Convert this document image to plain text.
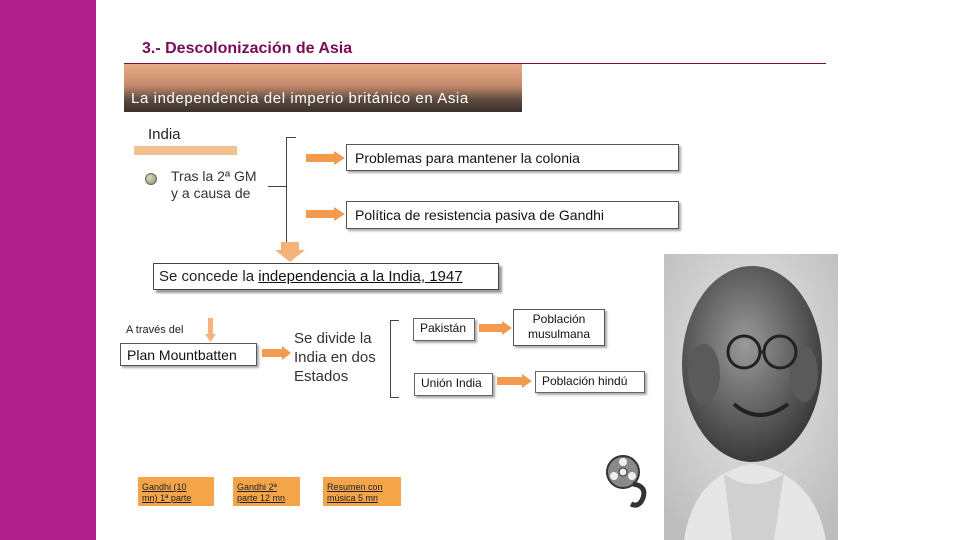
3.- Descolonización de Asia
La independencia del imperio británico en Asia
India
Tras la 2ª GM
y a causa de
Problemas para mantener la colonia
Política de resistencia pasiva de Gandhi
Se concede la independencia a la India, 1947
A través del
Plan Mountbatten
Se divide la
India en dos
Estados
Pakistán
Unión India
Población
musulmana
Población hindú
Gandhi (10
mn) 1ª parte
Gandhi 2ª
parte 12 mn
Resumen con
música 5 mn
